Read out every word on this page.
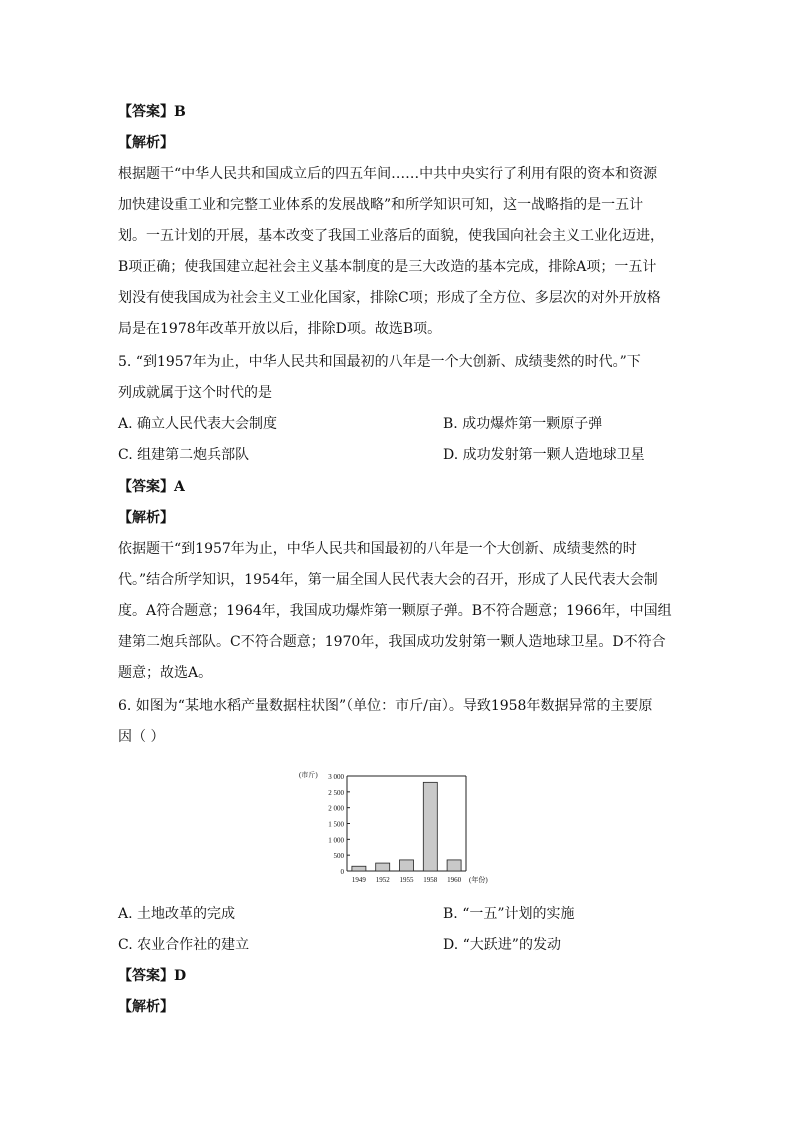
【答案】B
【解析】
根据题干“中华人民共和国成立后的四五年间……中共中央实行了利用有限的资本和资源
加快建设重工业和完整工业体系的发展战略”和所学知识可知，这一战略指的是一五计
划。一五计划的开展，基本改变了我国工业落后的面貌，使我国向社会主义工业化迈进，
B项正确；使我国建立起社会主义基本制度的是三大改造的基本完成，排除A项；一五计
划没有使我国成为社会主义工业化国家，排除C项；形成了全方位、多层次的对外开放格
局是在1978年改革开放以后，排除D项。故选B项。
5. “到1957年为止，中华人民共和国最初的八年是一个大创新、成绩斐然的时代。”下
列成就属于这个时代的是
A. 确立人民代表大会制度	B. 成功爆炸第一颗原子弹
C. 组建第二炮兵部队	D. 成功发射第一颗人造地球卫星
【答案】A
【解析】
依据题干“到1957年为止，中华人民共和国最初的八年是一个大创新、成绩斐然的时
代。”结合所学知识，1954年，第一届全国人民代表大会的召开，形成了人民代表大会制
度。A符合题意；1964年，我国成功爆炸第一颗原子弹。B不符合题意；1966年，中国组
建第二炮兵部队。C不符合题意；1970年，我国成功发射第一颗人造地球卫星。D不符合
题意；故选A。
6. 如图为“某地水稻产量数据柱状图”（单位：市斤/亩）。导致1958年数据异常的主要原
因（ ）
0
500
1 000
1 500
2 000
2 500
3 000
(市斤)
1949 1952 1955 1958 1960 (年份)
A. 土地改革的完成	B. “一五”计划的实施
C. 农业合作社的建立	D. “大跃进”的发动
【答案】D
【解析】
